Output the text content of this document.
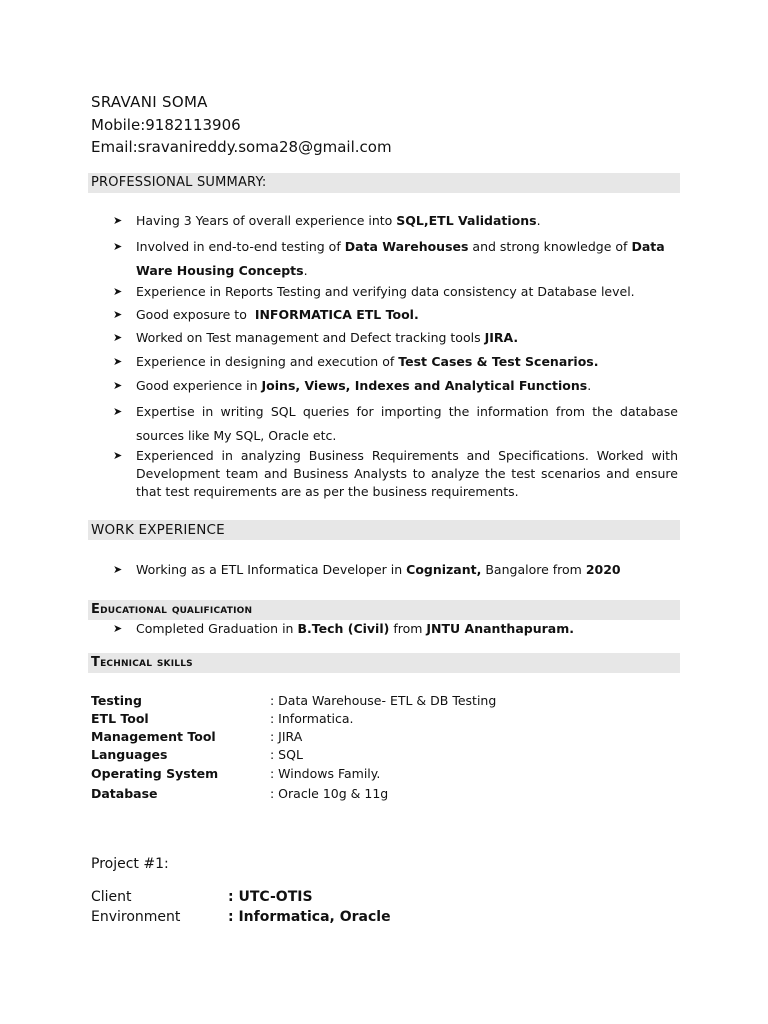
SRAVANI SOMA
Mobile:9182113906
Email:sravanireddy.soma28@gmail.com
PROFESSIONAL SUMMARY:
➤ Having 3 Years of overall experience into SQL,ETL Validations.
➤ Involved in end-to-end testing of Data Warehouses and strong knowledge of Data Ware Housing Concepts.
➤ Experience in Reports Testing and verifying data consistency at Database level.
➤ Good exposure to  INFORMATICA ETL Tool.
➤ Worked on Test management and Defect tracking tools JIRA.
➤ Experience in designing and execution of Test Cases & Test Scenarios.
➤ Good experience in Joins, Views, Indexes and Analytical Functions.
➤ Expertise in writing SQL queries for importing the information from the database sources like My SQL, Oracle etc.
➤ Experienced in analyzing Business Requirements and Specifications. Worked with Development team and Business Analysts to analyze the test scenarios and ensure that test requirements are as per the business requirements.
WORK EXPERIENCE
➤ Working as a ETL Informatica Developer in Cognizant, Bangalore from 2020
Educational qualification
➤ Completed Graduation in B.Tech (Civil) from JNTU Ananthapuram.
Technical skills
Testing	: Data Warehouse- ETL & DB Testing
ETL Tool	: Informatica.
Management Tool	: JIRA
Languages	: SQL
Operating System	: Windows Family.
Database	: Oracle 10g & 11g
Project #1:
Client	: UTC-OTIS
Environment	: Informatica, Oracle
